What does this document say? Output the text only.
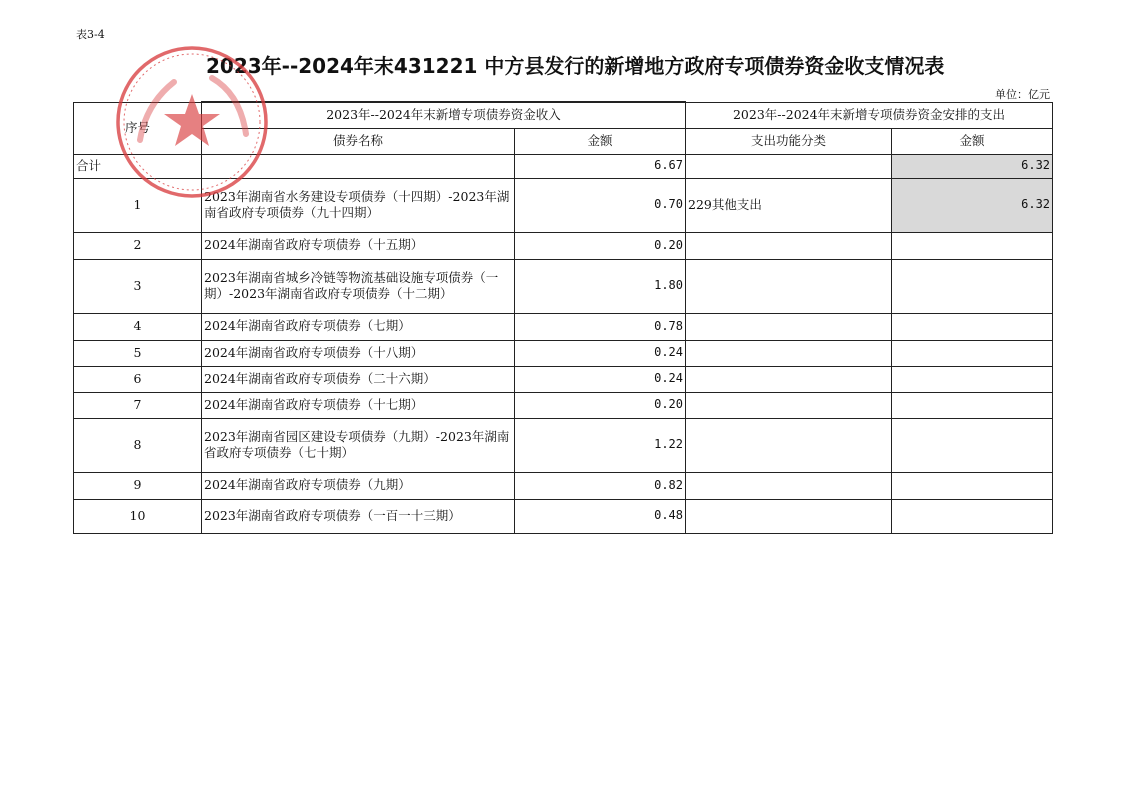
表3-4
2023年--2024年末431221 中方县发行的新增地方政府专项债券资金收支情况表
单位：亿元
序号	2023年--2024年末新增专项债券资金收入		2023年--2024年末新增专项债券资金安排的支出	
	债券名称	金额	支出功能分类	金额
合计		6.67		6.32
1	2023年湖南省水务建设专项债券（十四期）-2023年湖南省政府专项债券（九十四期）	0.70	229其他支出	6.32
2	2024年湖南省政府专项债券（十五期）	0.20		
3	2023年湖南省城乡冷链等物流基础设施专项债券（一期）-2023年湖南省政府专项债券（十二期）	1.80		
4	2024年湖南省政府专项债券（七期）	0.78		
5	2024年湖南省政府专项债券（十八期）	0.24		
6	2024年湖南省政府专项债券（二十六期）	0.24		
7	2024年湖南省政府专项债券（十七期）	0.20		
8	2023年湖南省园区建设专项债券（九期）-2023年湖南省政府专项债券（七十期）	1.22		
9	2024年湖南省政府专项债券（九期）	0.82		
10	2023年湖南省政府专项债券（一百一十三期）	0.48		
